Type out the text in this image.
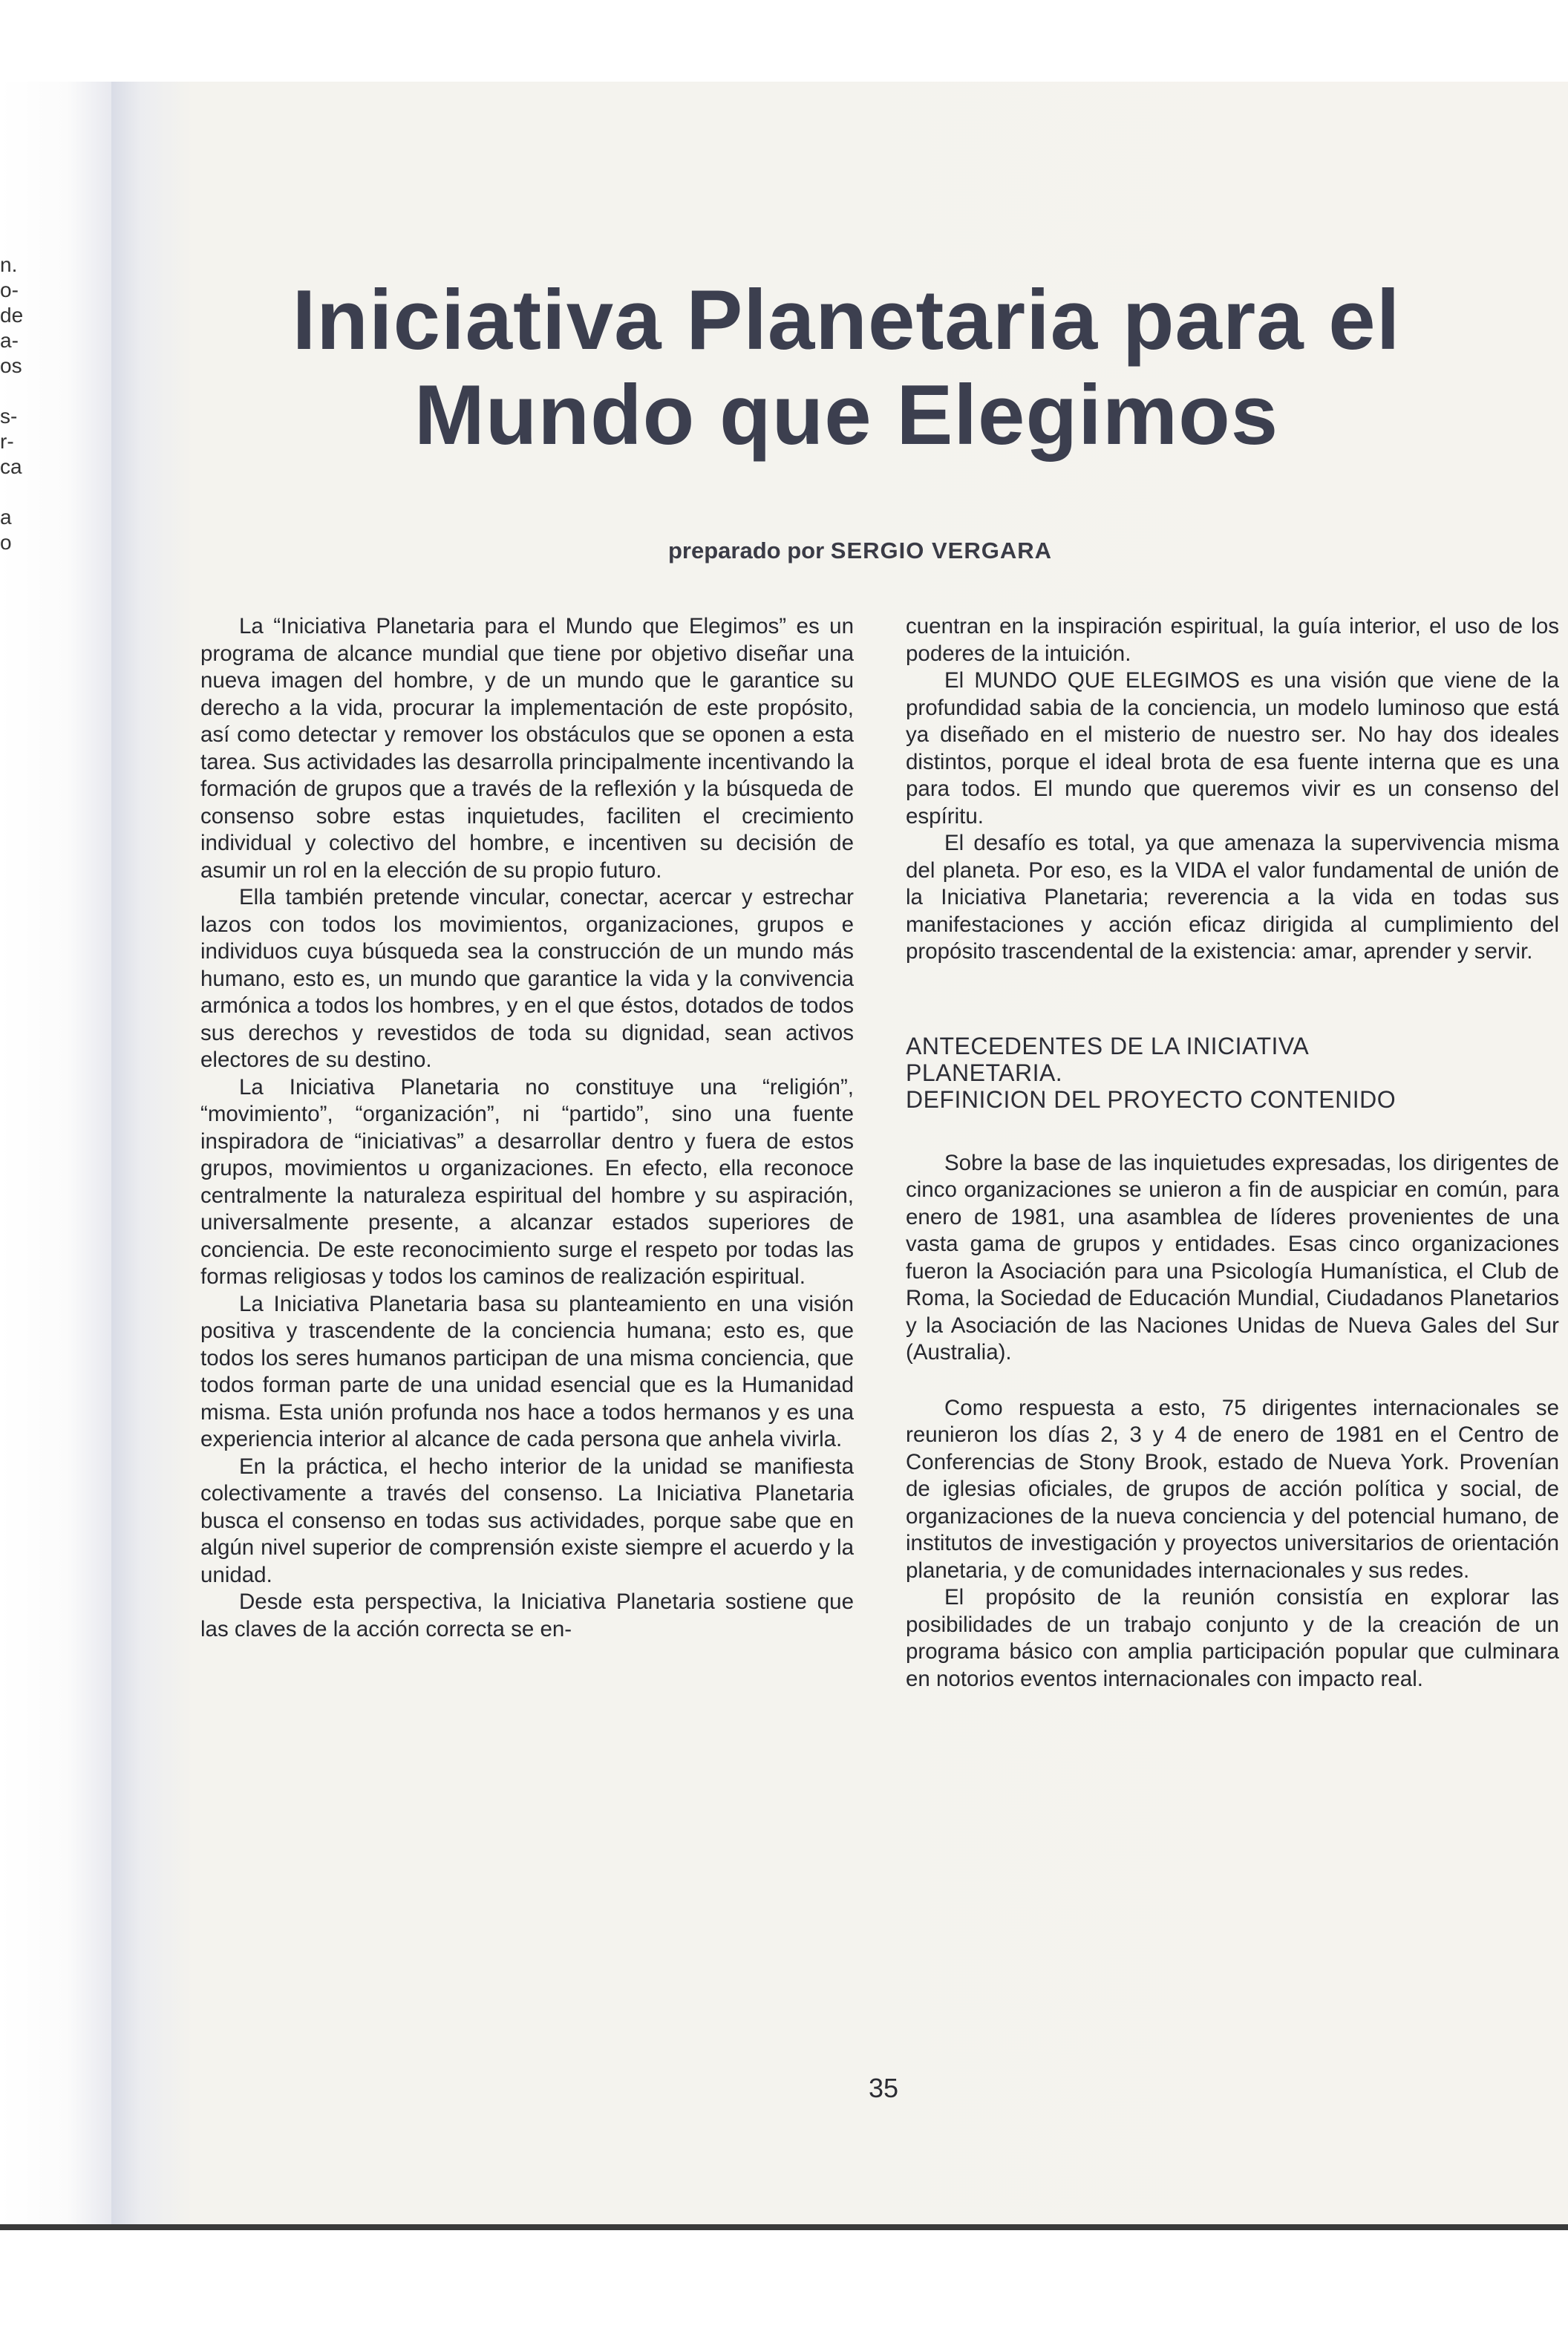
n.
o-
de
a-
os
s-
r-
ca
a
o
Iniciativa Planetaria para el
Mundo que Elegimos
preparado por SERGIO VERGARA

La “Iniciativa Planetaria para el Mundo que Elegimos” es un programa de alcance mundial que tiene por objetivo diseñar una nueva imagen del hombre, y de un mundo que le garantice su derecho a la vida, procurar la implementación de este propósito, así como detectar y remover los obstáculos que se oponen a esta tarea. Sus actividades las desarrolla principalmente incentivando la formación de grupos que a través de la reflexión y la búsqueda de consenso sobre estas inquietudes, faciliten el crecimiento individual y colectivo del hombre, e incentiven su decisión de asumir un rol en la elección de su propio futuro.

Ella también pretende vincular, conectar, acercar y estrechar lazos con todos los movimientos, organizaciones, grupos e individuos cuya búsqueda sea la construcción de un mundo más humano, esto es, un mundo que garantice la vida y la convivencia armónica a todos los hombres, y en el que éstos, dotados de todos sus derechos y revestidos de toda su dignidad, sean activos electores de su destino.

La Iniciativa Planetaria no constituye una “religión”, “movimiento”, “organización”, ni “partido”, sino una fuente inspiradora de “iniciativas” a desarrollar dentro y fuera de estos grupos, movimientos u organizaciones. En efecto, ella reconoce centralmente la naturaleza espiritual del hombre y su aspiración, universalmente presente, a alcanzar estados superiores de conciencia. De este reconocimiento surge el respeto por todas las formas religiosas y todos los caminos de realización espiritual.

La Iniciativa Planetaria basa su planteamiento en una visión positiva y trascendente de la conciencia humana; esto es, que todos los seres humanos participan de una misma conciencia, que todos forman parte de una unidad esencial que es la Humanidad misma. Esta unión profunda nos hace a todos hermanos y es una experiencia interior al alcance de cada persona que anhela vivirla.

En la práctica, el hecho interior de la unidad se manifiesta colectivamente a través del consenso. La Iniciativa Planetaria busca el consenso en todas sus actividades, porque sabe que en algún nivel superior de comprensión existe siempre el acuerdo y la unidad.

Desde esta perspectiva, la Iniciativa Planetaria sostiene que las claves de la acción correcta se en-

cuentran en la inspiración espiritual, la guía interior, el uso de los poderes de la intuición.

El MUNDO QUE ELEGIMOS es una visión que viene de la profundidad sabia de la conciencia, un modelo luminoso que está ya diseñado en el misterio de nuestro ser. No hay dos ideales distintos, porque el ideal brota de esa fuente interna que es una para todos. El mundo que queremos vivir es un consenso del espíritu.

El desafío es total, ya que amenaza la supervivencia misma del planeta. Por eso, es la VIDA el valor fundamental de unión de la Iniciativa Planetaria; reverencia a la vida en todas sus manifestaciones y acción eficaz dirigida al cumplimiento del propósito trascendental de la existencia: amar, aprender y servir.

ANTECEDENTES DE LA INICIATIVA
PLANETARIA.
DEFINICION DEL PROYECTO CONTENIDO

Sobre la base de las inquietudes expresadas, los dirigentes de cinco organizaciones se unieron a fin de auspiciar en común, para enero de 1981, una asamblea de líderes provenientes de una vasta gama de grupos y entidades. Esas cinco organizaciones fueron la Asociación para una Psicología Humanística, el Club de Roma, la Sociedad de Educación Mundial, Ciudadanos Planetarios y la Asociación de las Naciones Unidas de Nueva Gales del Sur (Australia).

Como respuesta a esto, 75 dirigentes internacionales se reunieron los días 2, 3 y 4 de enero de 1981 en el Centro de Conferencias de Stony Brook, estado de Nueva York. Provenían de iglesias oficiales, de grupos de acción política y social, de organizaciones de la nueva conciencia y del potencial humano, de institutos de investigación y proyectos universitarios de orientación planetaria, y de comunidades internacionales y sus redes.

El propósito de la reunión consistía en explorar las posibilidades de un trabajo conjunto y de la creación de un programa básico con amplia participación popular que culminara en notorios eventos internacionales con impacto real.

35
